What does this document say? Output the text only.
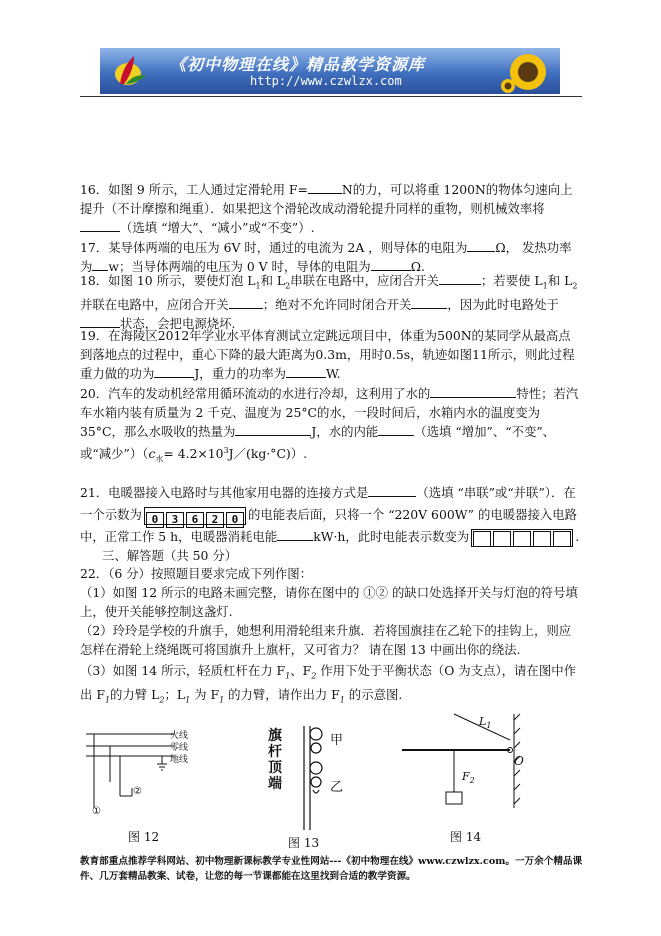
《初中物理在线》精品教学资源库
http://www.czwlzx.com
16．如图 9 所示，工人通过定滑轮用 F=	N的力，可以将重 1200N的物体匀速向上提升（不计摩擦和绳重）．如果把这个滑轮改成动滑轮提升同样的重物，则机械效率将（选填 “增大”、“减小”或“不变”）.
17．某导体两端的电压为 6V 时，通过的电流为 2A ，则导体的电阻为 Ω， 发热功率为 w；当导体两端的电压为 0 V 时，导体的电阻为	Ω.
18．如图 10 所示，要使灯泡 $L_1$和 $L_2$串联在电路中，应闭合开关	；若要使 $L_1$和 $L_2$并联在电路中，应闭合开关	；绝对不允许同时闭合开关	，因为此时电路处于状态，会把电源烧坏.
19．在海陵区2012年学业水平体育测试立定跳远项目中，体重为500N的某同学从最高点到落地点的过程中，重心下降的最大距离为0.3m，用时0.5s，轨迹如图11所示，则此过程重力做的功为	J，重力的功率为	W.
20．汽车的发动机经常用循环流动的水进行冷却，这利用了水的	特性；若汽车水箱内装有质量为 2 千克、温度为 25°C的水，一段时间后，水箱内水的温度变为 35°C，那么水吸收的热量为	J，水的内能	（选填 “增加”、“不变”、或“减少$”)(c_水=$ $4.2\times 10^3J/(kg\cdot^\circ C)$）.
21．电暖器接入电路时与其他家用电器的连接方式是	（选填 “串联”或“并联”）．在一个示数为 0 3 6 2 0 的电能表后面，只将一个 “220V 600W” 的电暖器接入电路中，正常工作 5 h，电暖器消耗电能	kW·h，此时电能表示数变为	.
三、解答题（共 50 分）
22．（6 分）按照题目要求完成下列作图：
（1）如图 12 所示的电路未画完整，请你在图中的 ①② 的缺口处选择开关与灯泡的符号填上，使开关能够控制这盏灯.
（2）玲玲是学校的升旗手，她想利用滑轮组来升旗．若将国旗挂在乙轮下的挂钩上，则应怎样在滑轮上绕绳既可将国旗升上旗杆，又可省力？ 请在图 13 中画出你的绕法.
（3）如图 14 所示，轻质杠杆在力 $F_1$、$F_2$ 作用下处于平衡状态（O 为支点），请在图中作出 $F_1$的力臂 $L_2$；$L_1$ 为 $F_1$ 的力臂，请作出力 $F_1$ 的示意图.
火线
零线
地线
②
①
图 12
旗
杆
顶
端
甲
乙
图 13
$L_1$
O
$F_2$
图 14
教育部重点推荐学科网站、初中物理新课标教学专业性网站---《初中物理在线》www.czwlzx.com。一万余个精品课件、几万套精品教案、试卷，让您的每一节课都能在这里找到合适的教学资源。
